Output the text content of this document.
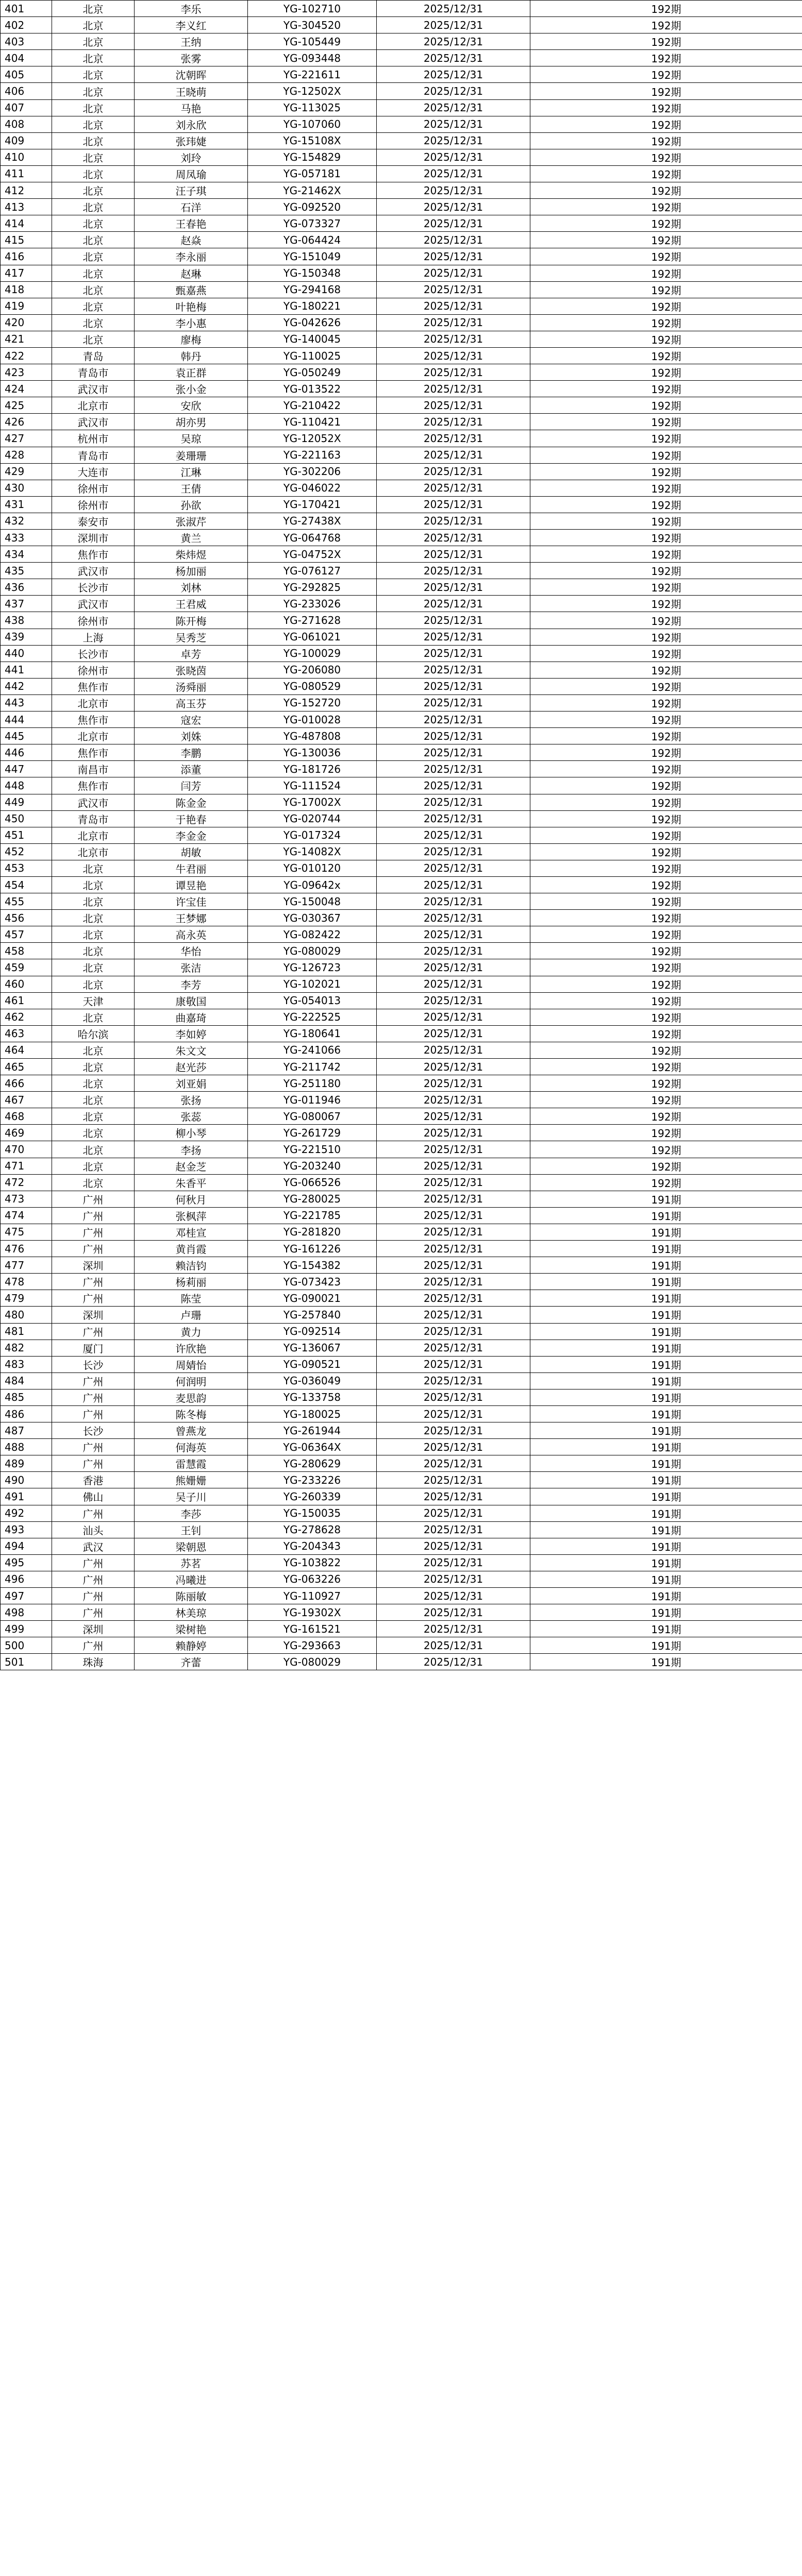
401	北京	李乐	YG-102710	2025/12/31	192期
402	北京	李义红	YG-304520	2025/12/31	192期
403	北京	王纳	YG-105449	2025/12/31	192期
404	北京	张雾	YG-093448	2025/12/31	192期
405	北京	沈朝晖	YG-221611	2025/12/31	192期
406	北京	王晓萌	YG-12502X	2025/12/31	192期
407	北京	马艳	YG-113025	2025/12/31	192期
408	北京	刘永欣	YG-107060	2025/12/31	192期
409	北京	张玮婕	YG-15108X	2025/12/31	192期
410	北京	刘玲	YG-154829	2025/12/31	192期
411	北京	周凤瑜	YG-057181	2025/12/31	192期
412	北京	汪子琪	YG-21462X	2025/12/31	192期
413	北京	石洋	YG-092520	2025/12/31	192期
414	北京	王春艳	YG-073327	2025/12/31	192期
415	北京	赵焱	YG-064424	2025/12/31	192期
416	北京	李永丽	YG-151049	2025/12/31	192期
417	北京	赵琳	YG-150348	2025/12/31	192期
418	北京	甄嘉燕	YG-294168	2025/12/31	192期
419	北京	叶艳梅	YG-180221	2025/12/31	192期
420	北京	李小惠	YG-042626	2025/12/31	192期
421	北京	廖梅	YG-140045	2025/12/31	192期
422	青岛	韩丹	YG-110025	2025/12/31	192期
423	青岛市	袁正群	YG-050249	2025/12/31	192期
424	武汉市	张小金	YG-013522	2025/12/31	192期
425	北京市	安欣	YG-210422	2025/12/31	192期
426	武汉市	胡亦男	YG-110421	2025/12/31	192期
427	杭州市	吴琼	YG-12052X	2025/12/31	192期
428	青岛市	姜珊珊	YG-221163	2025/12/31	192期
429	大连市	江琳	YG-302206	2025/12/31	192期
430	徐州市	王倩	YG-046022	2025/12/31	192期
431	徐州市	孙欲	YG-170421	2025/12/31	192期
432	泰安市	张淑芹	YG-27438X	2025/12/31	192期
433	深圳市	黄兰	YG-064768	2025/12/31	192期
434	焦作市	柴炜煜	YG-04752X	2025/12/31	192期
435	武汉市	杨加丽	YG-076127	2025/12/31	192期
436	长沙市	刘林	YG-292825	2025/12/31	192期
437	武汉市	王君威	YG-233026	2025/12/31	192期
438	徐州市	陈开梅	YG-271628	2025/12/31	192期
439	上海	吴秀芝	YG-061021	2025/12/31	192期
440	长沙市	卓芳	YG-100029	2025/12/31	192期
441	徐州市	张晓茵	YG-206080	2025/12/31	192期
442	焦作市	汤舜丽	YG-080529	2025/12/31	192期
443	北京市	高玉芬	YG-152720	2025/12/31	192期
444	焦作市	寇宏	YG-010028	2025/12/31	192期
445	北京市	刘姝	YG-487808	2025/12/31	192期
446	焦作市	李鹏	YG-130036	2025/12/31	192期
447	南昌市	添董	YG-181726	2025/12/31	192期
448	焦作市	闫芳	YG-111524	2025/12/31	192期
449	武汉市	陈金金	YG-17002X	2025/12/31	192期
450	青岛市	于艳春	YG-020744	2025/12/31	192期
451	北京市	李金金	YG-017324	2025/12/31	192期
452	北京市	胡敏	YG-14082X	2025/12/31	192期
453	北京	牛君丽	YG-010120	2025/12/31	192期
454	北京	谭昱艳	YG-09642x	2025/12/31	192期
455	北京	许宝佳	YG-150048	2025/12/31	192期
456	北京	王梦娜	YG-030367	2025/12/31	192期
457	北京	高永英	YG-082422	2025/12/31	192期
458	北京	华怡	YG-080029	2025/12/31	192期
459	北京	张洁	YG-126723	2025/12/31	192期
460	北京	李芳	YG-102021	2025/12/31	192期
461	天津	康敬国	YG-054013	2025/12/31	192期
462	北京	曲嘉琦	YG-222525	2025/12/31	192期
463	哈尔滨	李如婷	YG-180641	2025/12/31	192期
464	北京	朱文文	YG-241066	2025/12/31	192期
465	北京	赵光莎	YG-211742	2025/12/31	192期
466	北京	刘亚娟	YG-251180	2025/12/31	192期
467	北京	张扬	YG-011946	2025/12/31	192期
468	北京	张蕊	YG-080067	2025/12/31	192期
469	北京	柳小琴	YG-261729	2025/12/31	192期
470	北京	李扬	YG-221510	2025/12/31	192期
471	北京	赵金芝	YG-203240	2025/12/31	192期
472	北京	朱香平	YG-066526	2025/12/31	192期
473	广州	何秋月	YG-280025	2025/12/31	191期
474	广州	张枫萍	YG-221785	2025/12/31	191期
475	广州	邓桂宣	YG-281820	2025/12/31	191期
476	广州	黄肖霞	YG-161226	2025/12/31	191期
477	深圳	赖洁钧	YG-154382	2025/12/31	191期
478	广州	杨莉丽	YG-073423	2025/12/31	191期
479	广州	陈莹	YG-090021	2025/12/31	191期
480	深圳	卢珊	YG-257840	2025/12/31	191期
481	广州	黄力	YG-092514	2025/12/31	191期
482	厦门	许欣艳	YG-136067	2025/12/31	191期
483	长沙	周婧怡	YG-090521	2025/12/31	191期
484	广州	何润明	YG-036049	2025/12/31	191期
485	广州	麦思韵	YG-133758	2025/12/31	191期
486	广州	陈冬梅	YG-180025	2025/12/31	191期
487	长沙	曾燕龙	YG-261944	2025/12/31	191期
488	广州	何海英	YG-06364X	2025/12/31	191期
489	广州	雷慧霞	YG-280629	2025/12/31	191期
490	香港	熊姗姗	YG-233226	2025/12/31	191期
491	佛山	吴子川	YG-260339	2025/12/31	191期
492	广州	李莎	YG-150035	2025/12/31	191期
493	汕头	王钊	YG-278628	2025/12/31	191期
494	武汉	梁朝恩	YG-204343	2025/12/31	191期
495	广州	苏茗	YG-103822	2025/12/31	191期
496	广州	冯曦进	YG-063226	2025/12/31	191期
497	广州	陈丽敏	YG-110927	2025/12/31	191期
498	广州	林美琼	YG-19302X	2025/12/31	191期
499	深圳	梁树艳	YG-161521	2025/12/31	191期
500	广州	赖静婷	YG-293663	2025/12/31	191期
501	珠海	齐蕾	YG-080029	2025/12/31	191期
